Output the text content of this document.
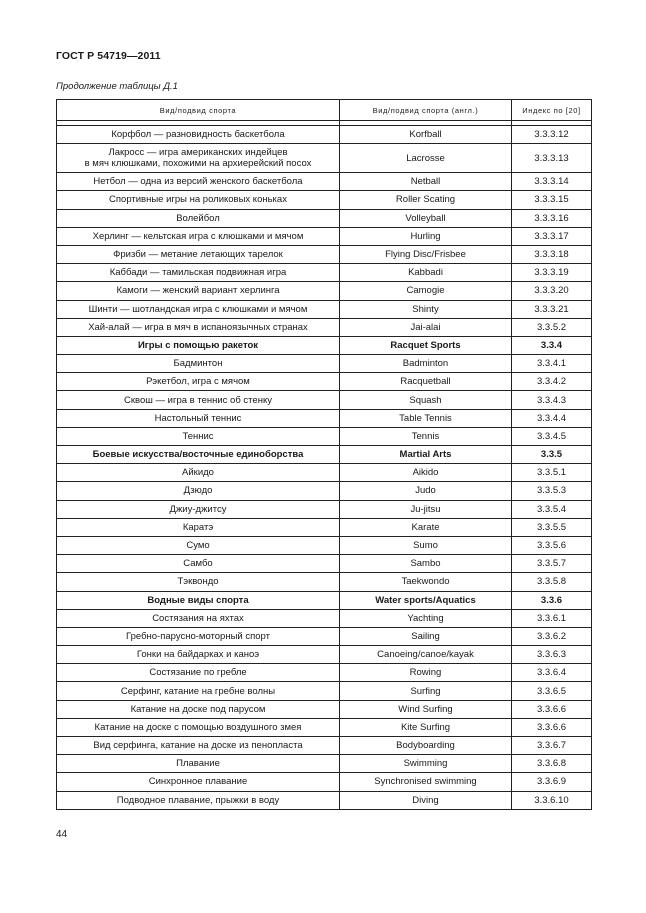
ГОСТ Р 54719—2011
Продолжение таблицы Д.1
Вид/подвид спорта	Вид/подвид спорта (англ.)	Индекс по [20]

Корфбол — разновидность баскетбола	Korfball	3.3.3.12
Лакросс — игра американских индейцев
в мяч клюшками, похожими на архиерейский посох	Lacrosse	3.3.3.13
Нетбол — одна из версий женского баскетбола	Netball	3.3.3.14
Спортивные игры на роликовых коньках	Roller Scating	3.3.3.15
Волейбол	Volleyball	3.3.3.16
Херлинг — кельтская игра с клюшками и мячом	Hurling	3.3.3.17
Фризби — метание летающих тарелок	Flying Disc/Frisbee	3.3.3.18
Каббади — тамильская подвижная игра	Kabbadi	3.3.3.19
Камоги — женский вариант херлинга	Camogie	3.3.3.20
Шинти — шотландская игра с клюшками и мячом	Shinty	3.3.3.21
Хай-алай — игра в мяч в испаноязычных странах	Jai-alai	3.3.5.2
Игры с помощью ракеток	Racquet Sports	3.3.4
Бадминтон	Badminton	3.3.4.1
Рэкетбол, игра с мячом	Racquetball	3.3.4.2
Сквош — игра в теннис об стенку	Squash	3.3.4.3
Настольный теннис	Table Tennis	3.3.4.4
Теннис	Tennis	3.3.4.5
Боевые искусства/восточные единоборства	Martial Arts	3.3.5
Айкидо	Aikido	3.3.5.1
Дзюдо	Judo	3.3.5.3
Джиу-джитсу	Ju-jitsu	3.3.5.4
Каратэ	Karate	3.3.5.5
Сумо	Sumo	3.3.5.6
Самбо	Sambo	3.3.5.7
Тэквондо	Taekwondo	3.3.5.8
Водные виды спорта	Water sports/Aquatics	3.3.6
Состязания на яхтах	Yachting	3.3.6.1
Гребно-парусно-моторный спорт	Sailing	3.3.6.2
Гонки на байдарках и каноэ	Canoeing/canoe/kayak	3.3.6.3
Состязание по гребле	Rowing	3.3.6.4
Серфинг, катание на гребне волны	Surfing	3.3.6.5
Катание на доске под парусом	Wind Surfing	3.3.6.6
Катание на доске с помощью воздушного змея	Kite Surfing	3.3.6.6
Вид серфинга, катание на доске из пенопласта	Bodyboarding	3.3.6.7
Плавание	Swimming	3.3.6.8
Синхронное плавание	Synchronised swimming	3.3.6.9
Подводное плавание, прыжки в воду	Diving	3.3.6.10
44
